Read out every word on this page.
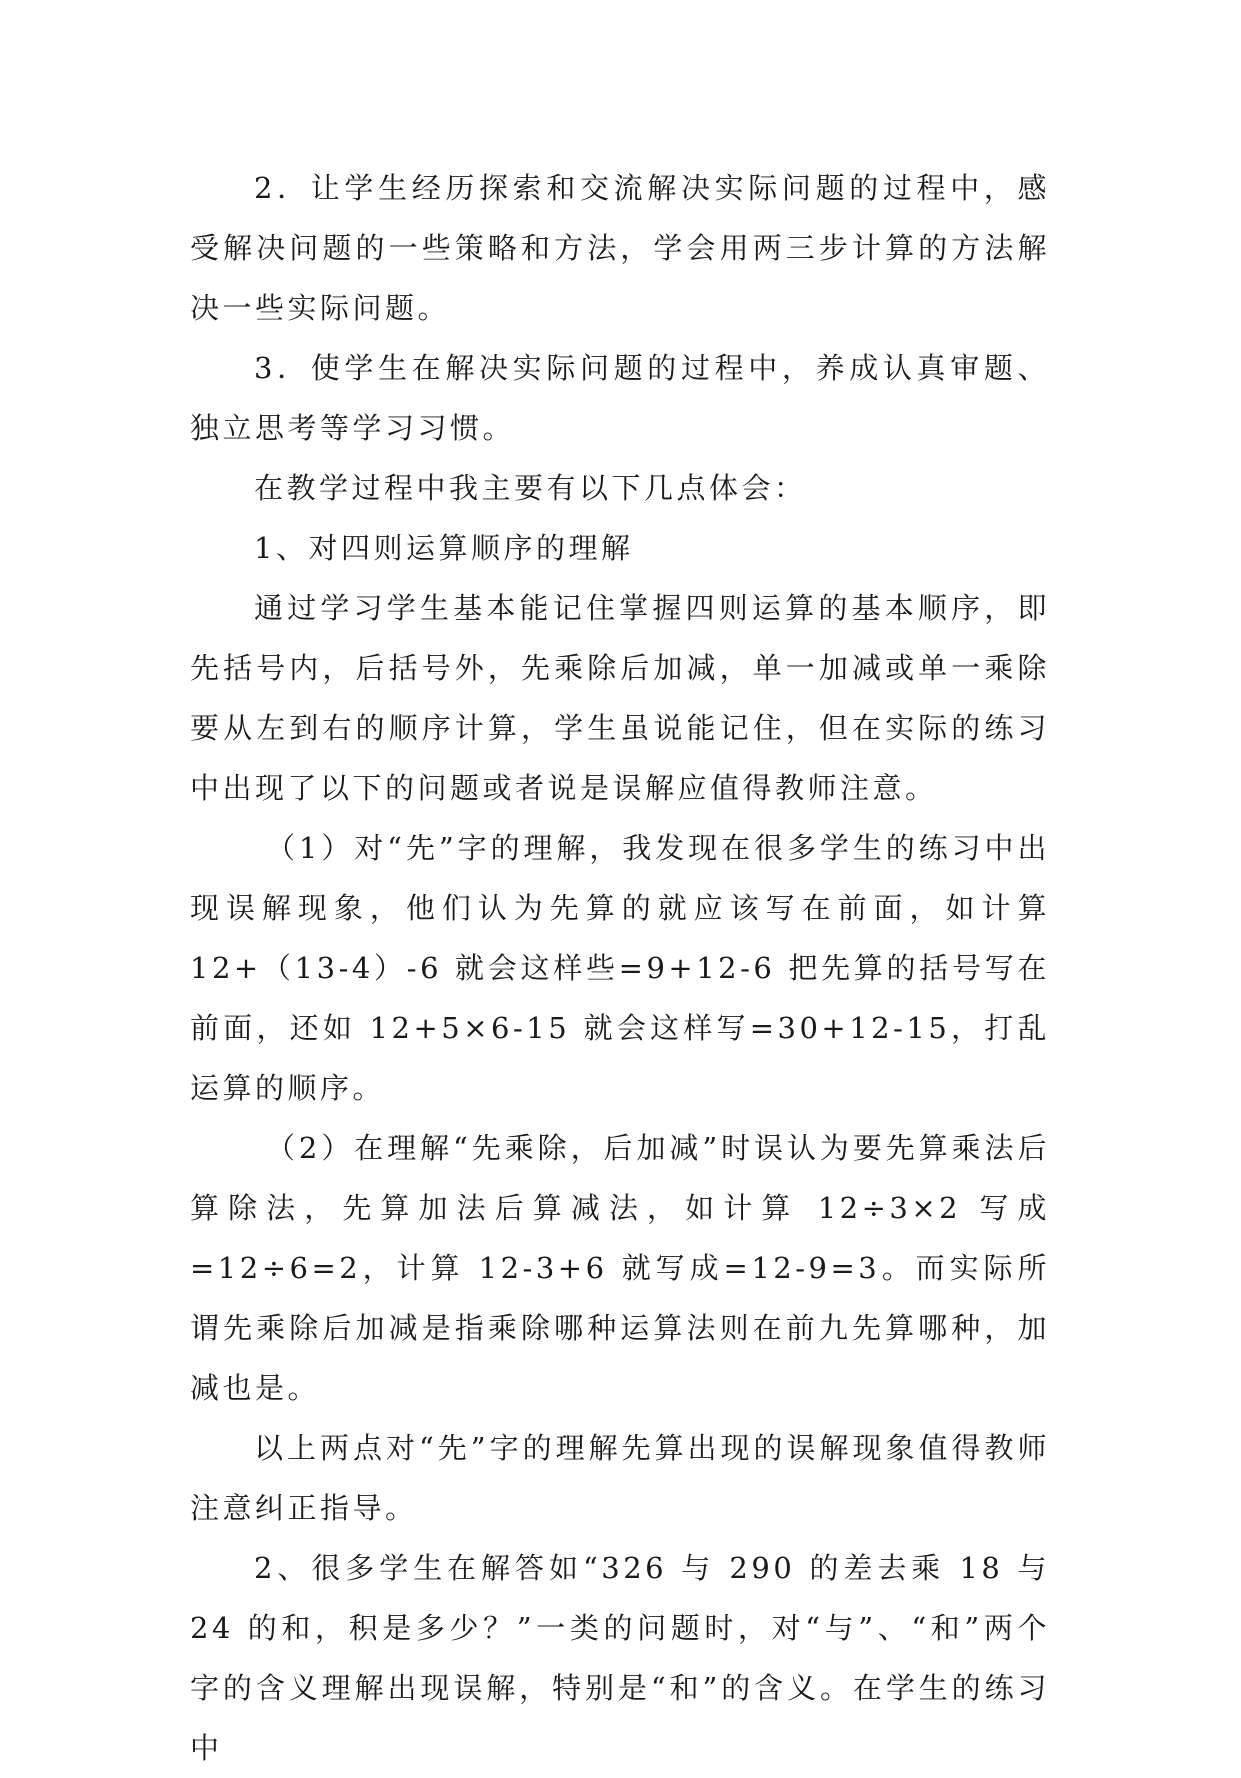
2．让学生经历探索和交流解决实际问题的过程中，感受解决问题的一些策略和方法，学会用两三步计算的方法解决一些实际问题。

3．使学生在解决实际问题的过程中，养成认真审题、独立思考等学习习惯。

在教学过程中我主要有以下几点体会：

1、对四则运算顺序的理解

通过学习学生基本能记住掌握四则运算的基本顺序，即先括号内，后括号外，先乘除后加减，单一加减或单一乘除要从左到右的顺序计算，学生虽说能记住，但在实际的练习中出现了以下的问题或者说是误解应值得教师注意。

（1）对“先”字的理解，我发现在很多学生的练习中出现误解现象，他们认为先算的就应该写在前面，如计算 12+（13-4）-6 就会这样些=9+12-6 把先算的括号写在前面，还如 12+5×6-15 就会这样写=30+12-15，打乱运算的顺序。

（2）在理解“先乘除，后加减”时误认为要先算乘法后算除法，先算加法后算减法，如计算 12÷3×2 写成=12÷6=2，计算 12-3+6 就写成=12-9=3。而实际所谓先乘除后加减是指乘除哪种运算法则在前九先算哪种，加减也是。

以上两点对“先”字的理解先算出现的误解现象值得教师注意纠正指导。

2、很多学生在解答如“326 与 290 的差去乘 18 与 24 的和，积是多少？”一类的问题时，对“与”、“和”两个字的含义理解出现误解，特别是“和”的含义。在学生的练习中
